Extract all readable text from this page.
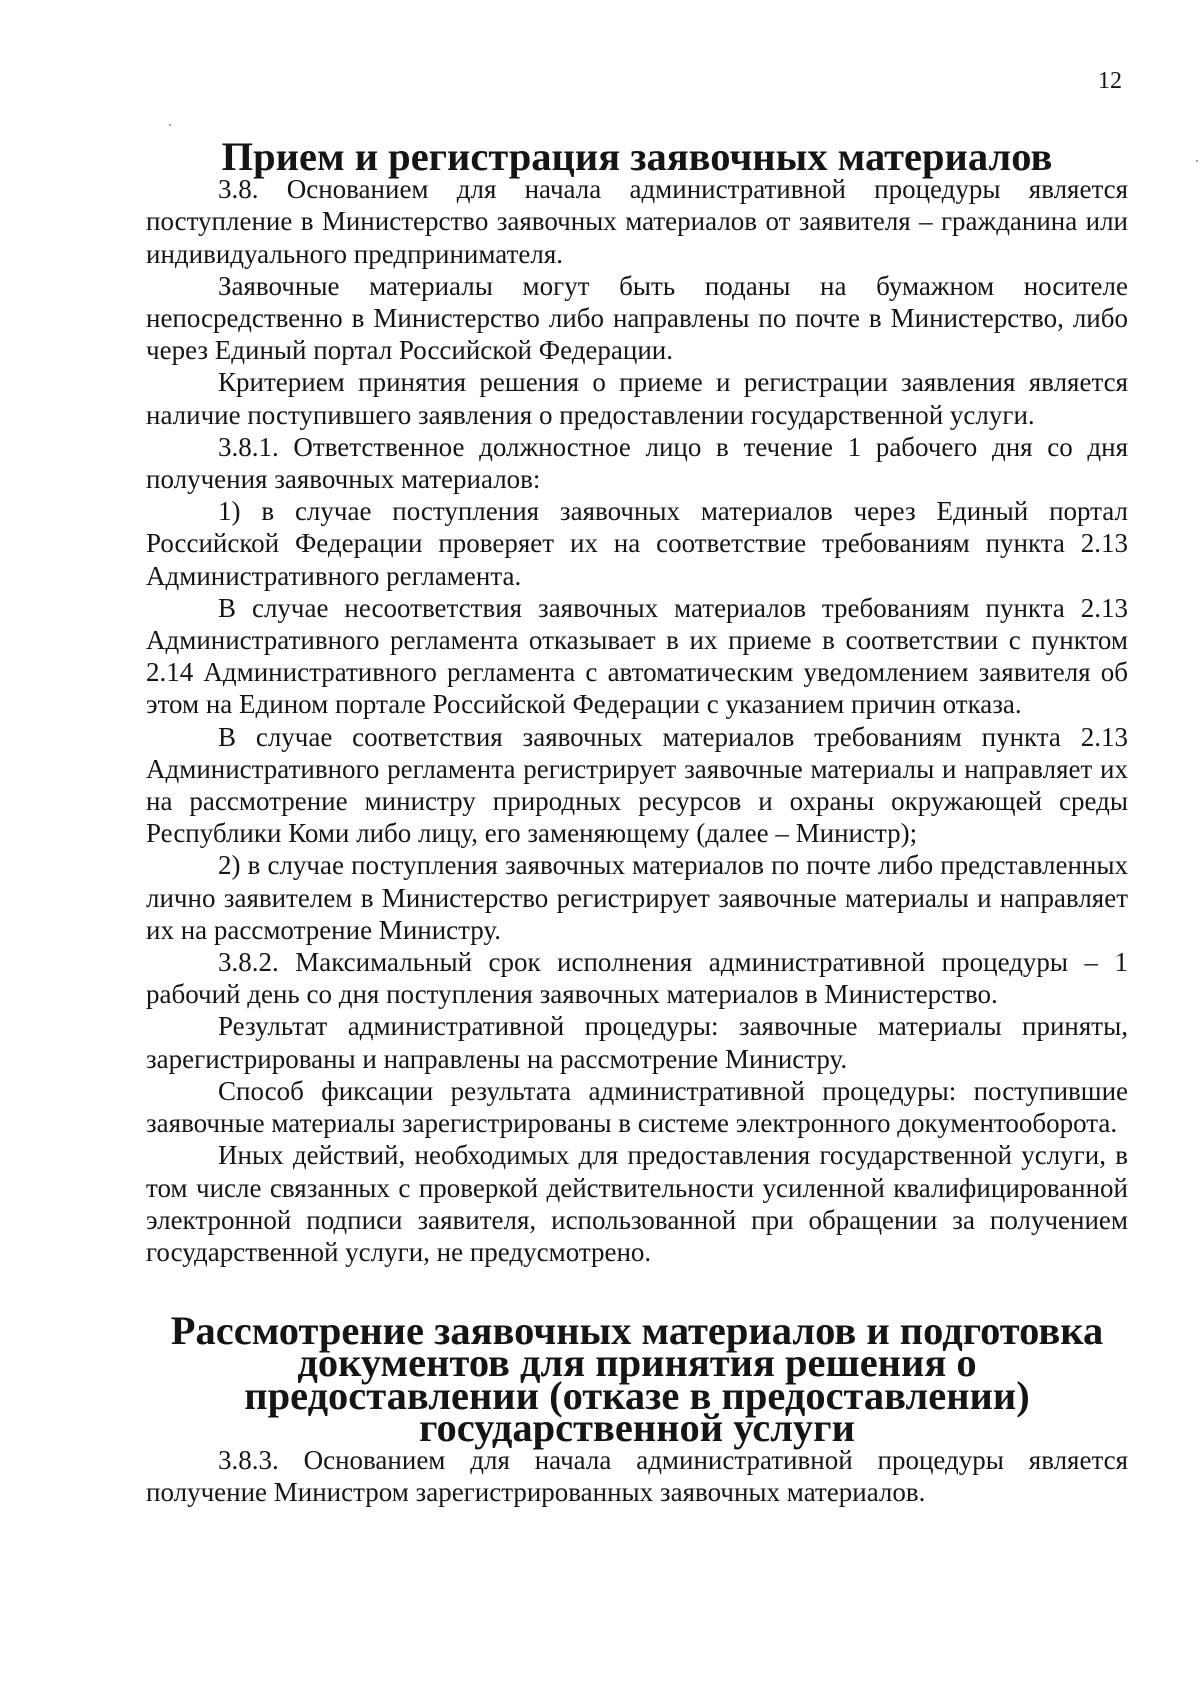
12
Прием и регистрация заявочных материалов

3.8. Основанием для начала административной процедуры является поступление в Министерство заявочных материалов от заявителя – гражданина или индивидуального предпринимателя.

Заявочные материалы могут быть поданы на бумажном носителе непосредственно в Министерство либо направлены по почте в Министерство, либо через Единый портал Российской Федерации.

Критерием принятия решения о приеме и регистрации заявления является наличие поступившего заявления о предоставлении государственной услуги.

3.8.1. Ответственное должностное лицо в течение 1 рабочего дня со дня получения заявочных материалов:

1) в случае поступления заявочных материалов через Единый портал Российской Федерации проверяет их на соответствие требованиям пункта 2.13 Административного регламента.

В случае несоответствия заявочных материалов требованиям пункта 2.13 Административного регламента отказывает в их приеме в соответствии с пунктом 2.14 Административного регламента с автоматическим уведомлением заявителя об этом на Едином портале Российской Федерации с указанием причин отказа.

В случае соответствия заявочных материалов требованиям пункта 2.13 Административного регламента регистрирует заявочные материалы и направляет их на рассмотрение министру природных ресурсов и охраны окружающей среды Республики Коми либо лицу, его заменяющему (далее – Министр);

2) в случае поступления заявочных материалов по почте либо представленных лично заявителем в Министерство регистрирует заявочные материалы и направляет их на рассмотрение Министру.

3.8.2. Максимальный срок исполнения административной процедуры – 1 рабочий день со дня поступления заявочных материалов в Министерство.

Результат административной процедуры: заявочные материалы приняты, зарегистрированы и направлены на рассмотрение Министру.

Способ фиксации результата административной процедуры: поступившие заявочные материалы зарегистрированы в системе электронного документооборота.

Иных действий, необходимых для предоставления государственной услуги, в том числе связанных с проверкой действительности усиленной квалифицированной электронной подписи заявителя, использованной при обращении за получением государственной услуги, не предусмотрено.

Рассмотрение заявочных материалов и подготовка документов для принятия решения о предоставлении (отказе в предоставлении) государственной услуги

3.8.3. Основанием для начала административной процедуры является получение Министром зарегистрированных заявочных материалов.
